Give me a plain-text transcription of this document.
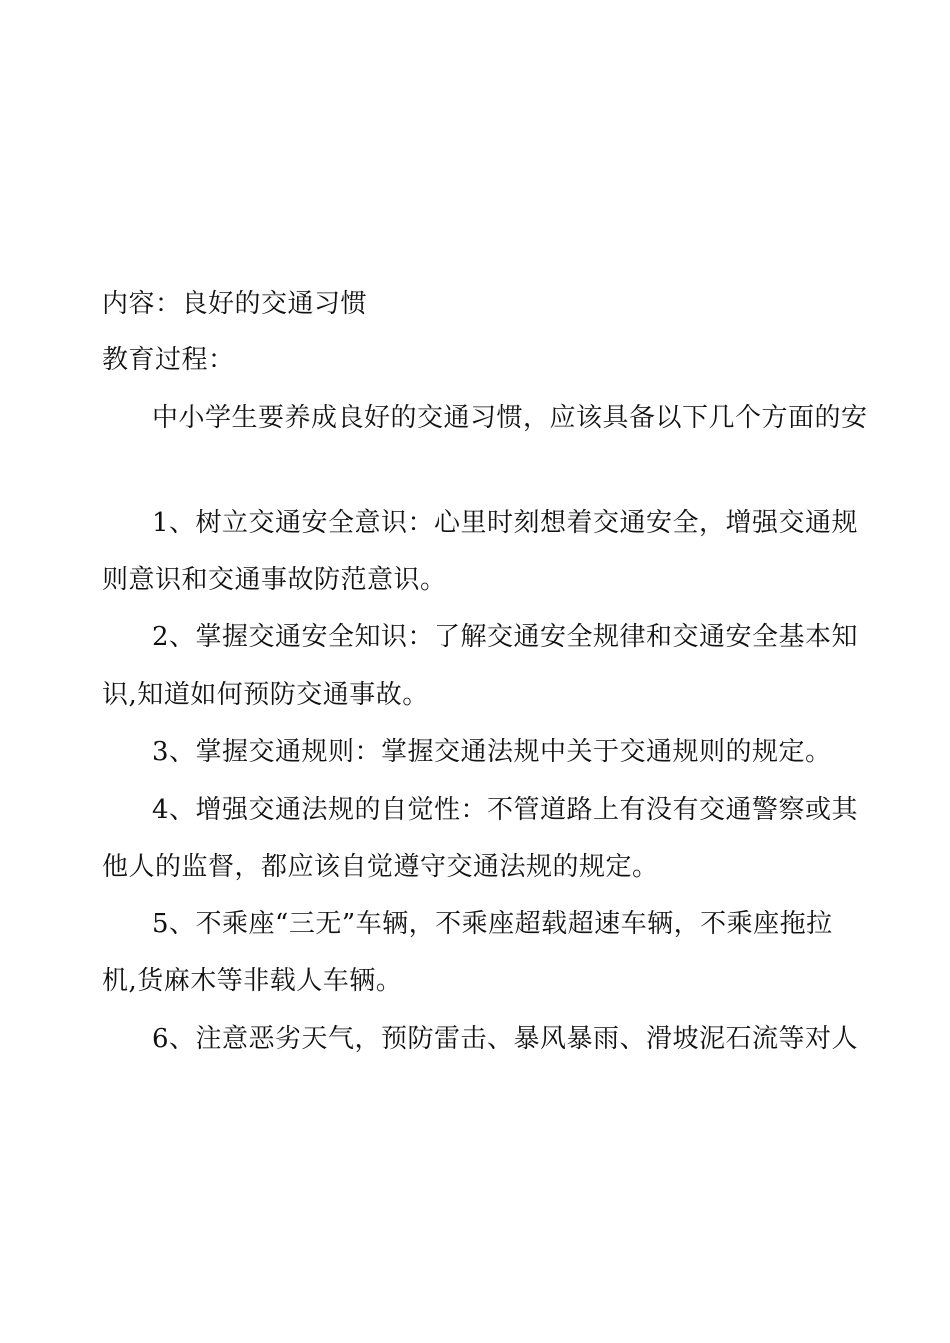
内容：良好的交通习惯
教育过程：
中小学生要养成良好的交通习惯，应该具备以下几个方面的安
1、树立交通安全意识：心里时刻想着交通安全，增强交通规
则意识和交通事故防范意识。
2、掌握交通安全知识：了解交通安全规律和交通安全基本知
识,知道如何预防交通事故。
3、掌握交通规则：掌握交通法规中关于交通规则的规定。
4、增强交通法规的自觉性：不管道路上有没有交通警察或其
他人的监督，都应该自觉遵守交通法规的规定。
5、不乘座“三无”车辆，不乘座超载超速车辆，不乘座拖拉
机,货麻木等非载人车辆。
6、注意恶劣天气，预防雷击、暴风暴雨、滑坡泥石流等对人
